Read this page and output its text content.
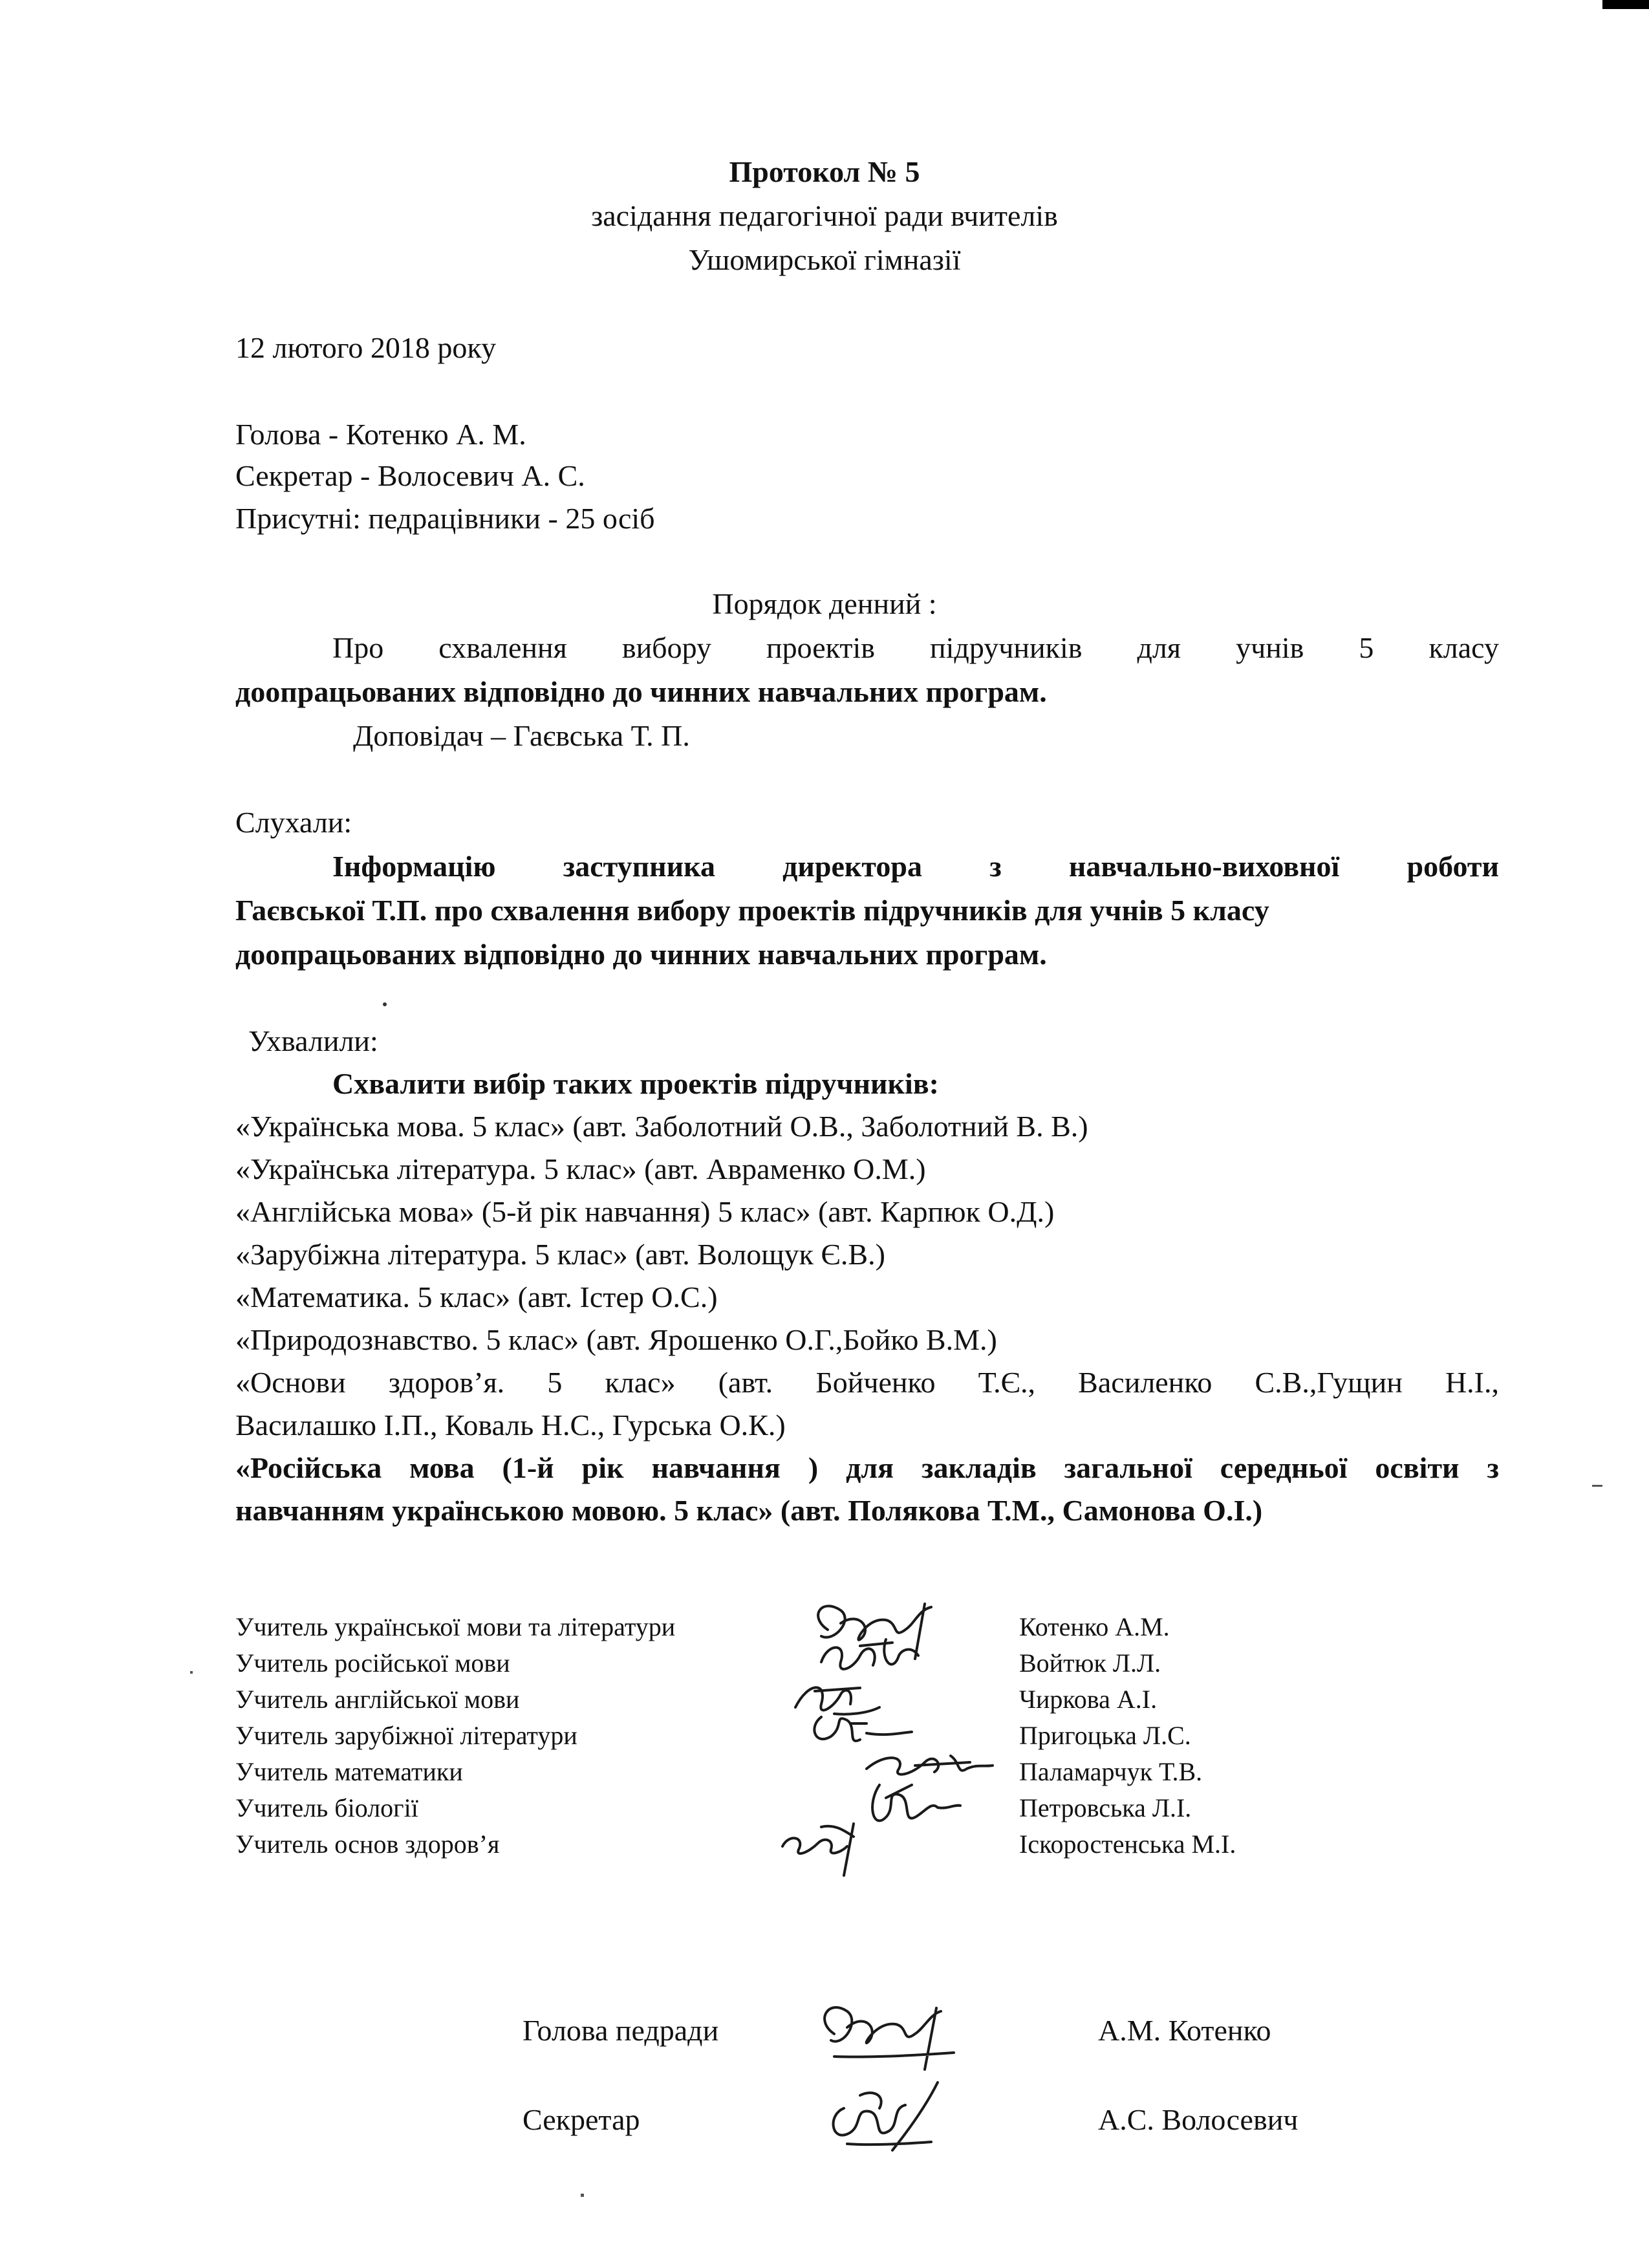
Протокол № 5
засідання педагогічної ради вчителів
Ушомирської гімназії
12 лютого 2018 року
Голова - Котенко А. М.
Секретар - Волосевич А. С.
Присутні: педрацівники - 25 осіб
Порядок денний :
Про схвалення вибору проектів підручників для учнів 5 класу
доопрацьованих відповідно до чинних навчальних програм.
Доповідач – Гаєвська Т. П.
Слухали:
Інформацію заступника директора з навчально-виховної роботи
Гаєвської Т.П. про схвалення вибору проектів підручників для учнів 5 класу
доопрацьованих відповідно до чинних навчальних програм.
Ухвалили:
Схвалити вибір таких проектів підручників:
«Українська мова. 5 клас» (авт. Заболотний О.В., Заболотний В. В.)
«Українська література. 5 клас» (авт. Авраменко О.М.)
«Англійська мова» (5-й рік навчання) 5 клас» (авт. Карпюк О.Д.)
«Зарубіжна література. 5 клас» (авт. Волощук Є.В.)
«Математика. 5 клас» (авт. Істер О.С.)
«Природознавство. 5 клас» (авт. Ярошенко О.Г.,Бойко В.М.)
«Основи здоров’я. 5 клас» (авт. Бойченко Т.Є., Василенко С.В.,Гущин Н.І.,
Василашко І.П., Коваль Н.С., Гурська О.К.)
«Російська мова (1-й рік навчання ) для закладів загальної середньої освіти з
навчанням українською мовою. 5 клас» (авт. Полякова Т.М., Самонова О.І.)
Учитель української мови та літератури	Котенко А.М.
Учитель російської мови	Войтюк Л.Л.
Учитель англійської мови	Чиркова А.І.
Учитель зарубіжної літератури	Пригоцька Л.С.
Учитель математики	Паламарчук Т.В.
Учитель біології	Петровська Л.І.
Учитель основ здоров’я	Іскоростенська М.І.
Голова педради	А.М. Котенко
Секретар	А.С. Волосевич
